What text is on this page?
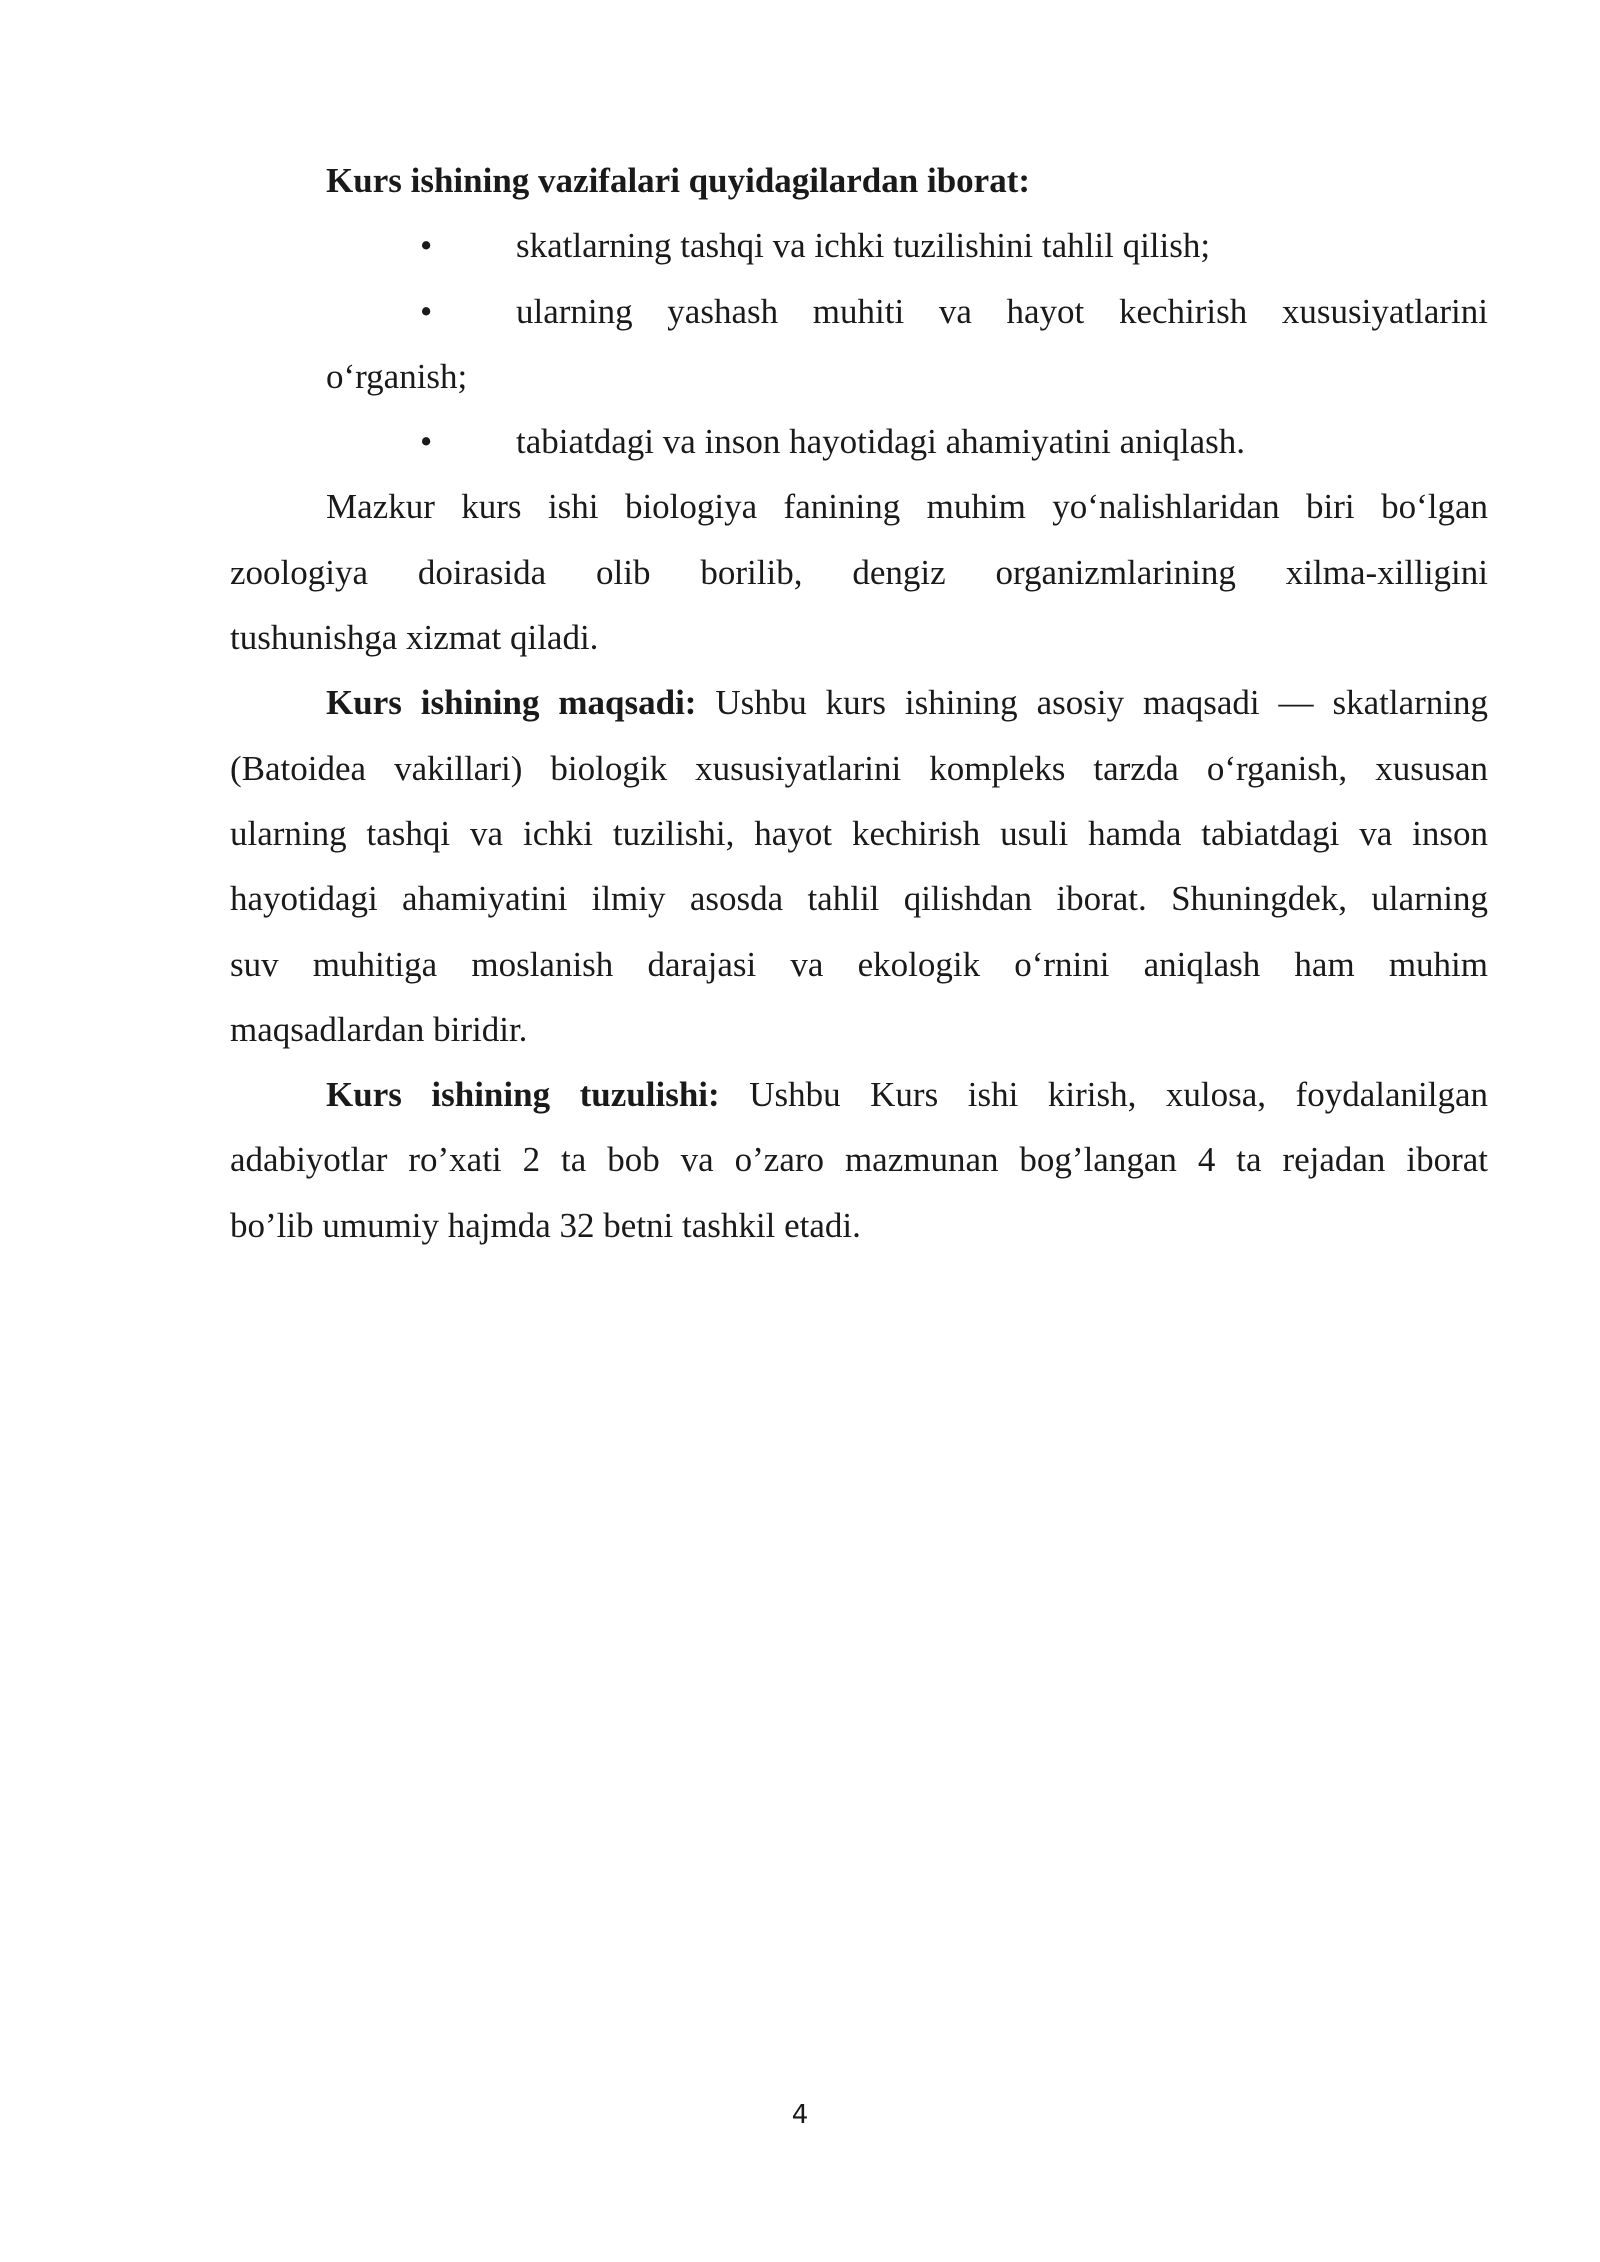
Kurs ishining vazifalari quyidagilardan iborat:
• skatlarning tashqi va ichki tuzilishini tahlil qilish;
• ularning yashash muhiti va hayot kechirish xususiyatlarini
o‘rganish;
• tabiatdagi va inson hayotidagi ahamiyatini aniqlash.
Mazkur kurs ishi biologiya fanining muhim yo‘nalishlaridan biri bo‘lgan
zoologiya doirasida olib borilib, dengiz organizmlarining xilma-xilligini
tushunishga xizmat qiladi.
Kurs ishining maqsadi: Ushbu kurs ishining asosiy maqsadi — skatlarning
(Batoidea vakillari) biologik xususiyatlarini kompleks tarzda o‘rganish, xususan
ularning tashqi va ichki tuzilishi, hayot kechirish usuli hamda tabiatdagi va inson
hayotidagi ahamiyatini ilmiy asosda tahlil qilishdan iborat. Shuningdek, ularning
suv muhitiga moslanish darajasi va ekologik o‘rnini aniqlash ham muhim
maqsadlardan biridir.
Kurs ishining tuzulishi: Ushbu Kurs ishi kirish, xulosa, foydalanilgan
adabiyotlar ro’xati 2 ta bob va o’zaro mazmunan bog’langan 4 ta rejadan iborat
bo’lib umumiy hajmda 32 betni tashkil etadi.
4
